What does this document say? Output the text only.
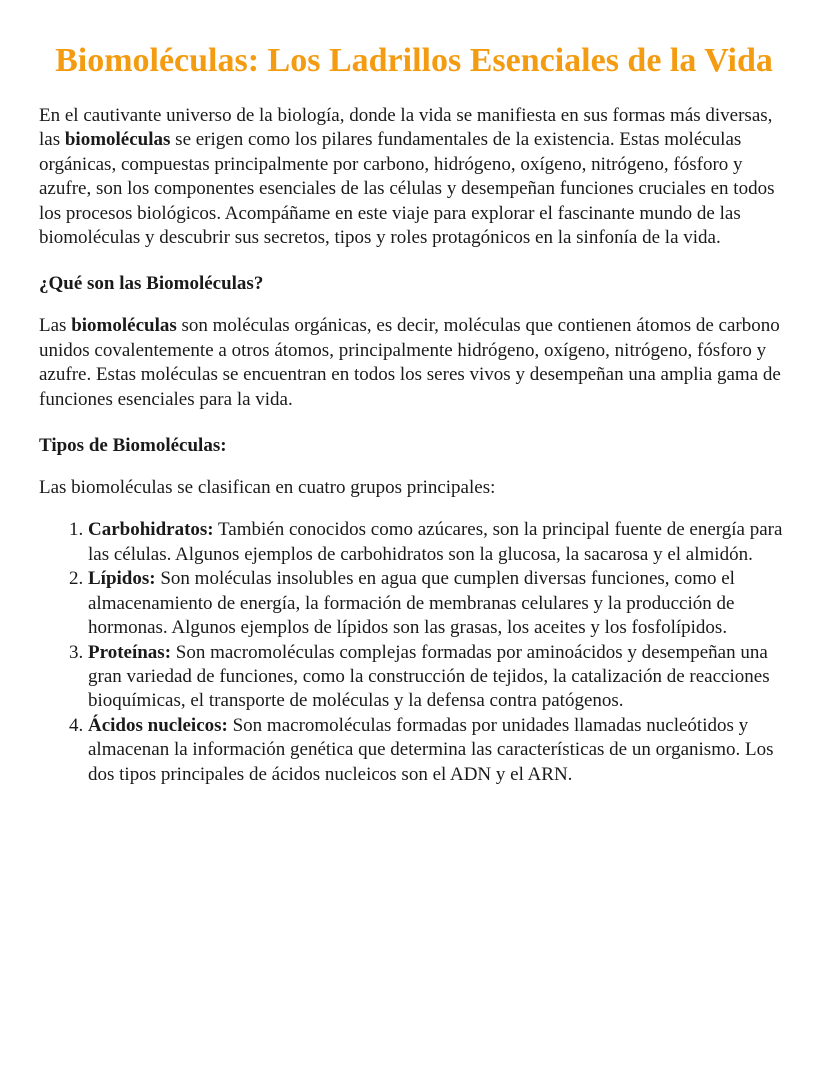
Biomoléculas: Los Ladrillos Esenciales de la Vida

En el cautivante universo de la biología, donde la vida se manifiesta en sus formas más diversas, las biomoléculas se erigen como los pilares fundamentales de la existencia. Estas moléculas orgánicas, compuestas principalmente por carbono, hidrógeno, oxígeno, nitrógeno, fósforo y azufre, son los componentes esenciales de las células y desempeñan funciones cruciales en todos los procesos biológicos. Acompáñame en este viaje para explorar el fascinante mundo de las biomoléculas y descubrir sus secretos, tipos y roles protagónicos en la sinfonía de la vida.

¿Qué son las Biomoléculas?

Las biomoléculas son moléculas orgánicas, es decir, moléculas que contienen átomos de carbono unidos covalentemente a otros átomos, principalmente hidrógeno, oxígeno, nitrógeno, fósforo y azufre. Estas moléculas se encuentran en todos los seres vivos y desempeñan una amplia gama de funciones esenciales para la vida.

Tipos de Biomoléculas:

Las biomoléculas se clasifican en cuatro grupos principales:

1. Carbohidratos: También conocidos como azúcares, son la principal fuente de energía para las células. Algunos ejemplos de carbohidratos son la glucosa, la sacarosa y el almidón.
2. Lípidos: Son moléculas insolubles en agua que cumplen diversas funciones, como el almacenamiento de energía, la formación de membranas celulares y la producción de hormonas. Algunos ejemplos de lípidos son las grasas, los aceites y los fosfolípidos.
3. Proteínas: Son macromoléculas complejas formadas por aminoácidos y desempeñan una gran variedad de funciones, como la construcción de tejidos, la catalización de reacciones bioquímicas, el transporte de moléculas y la defensa contra patógenos.
4. Ácidos nucleicos: Son macromoléculas formadas por unidades llamadas nucleótidos y almacenan la información genética que determina las características de un organismo. Los dos tipos principales de ácidos nucleicos son el ADN y el ARN.
